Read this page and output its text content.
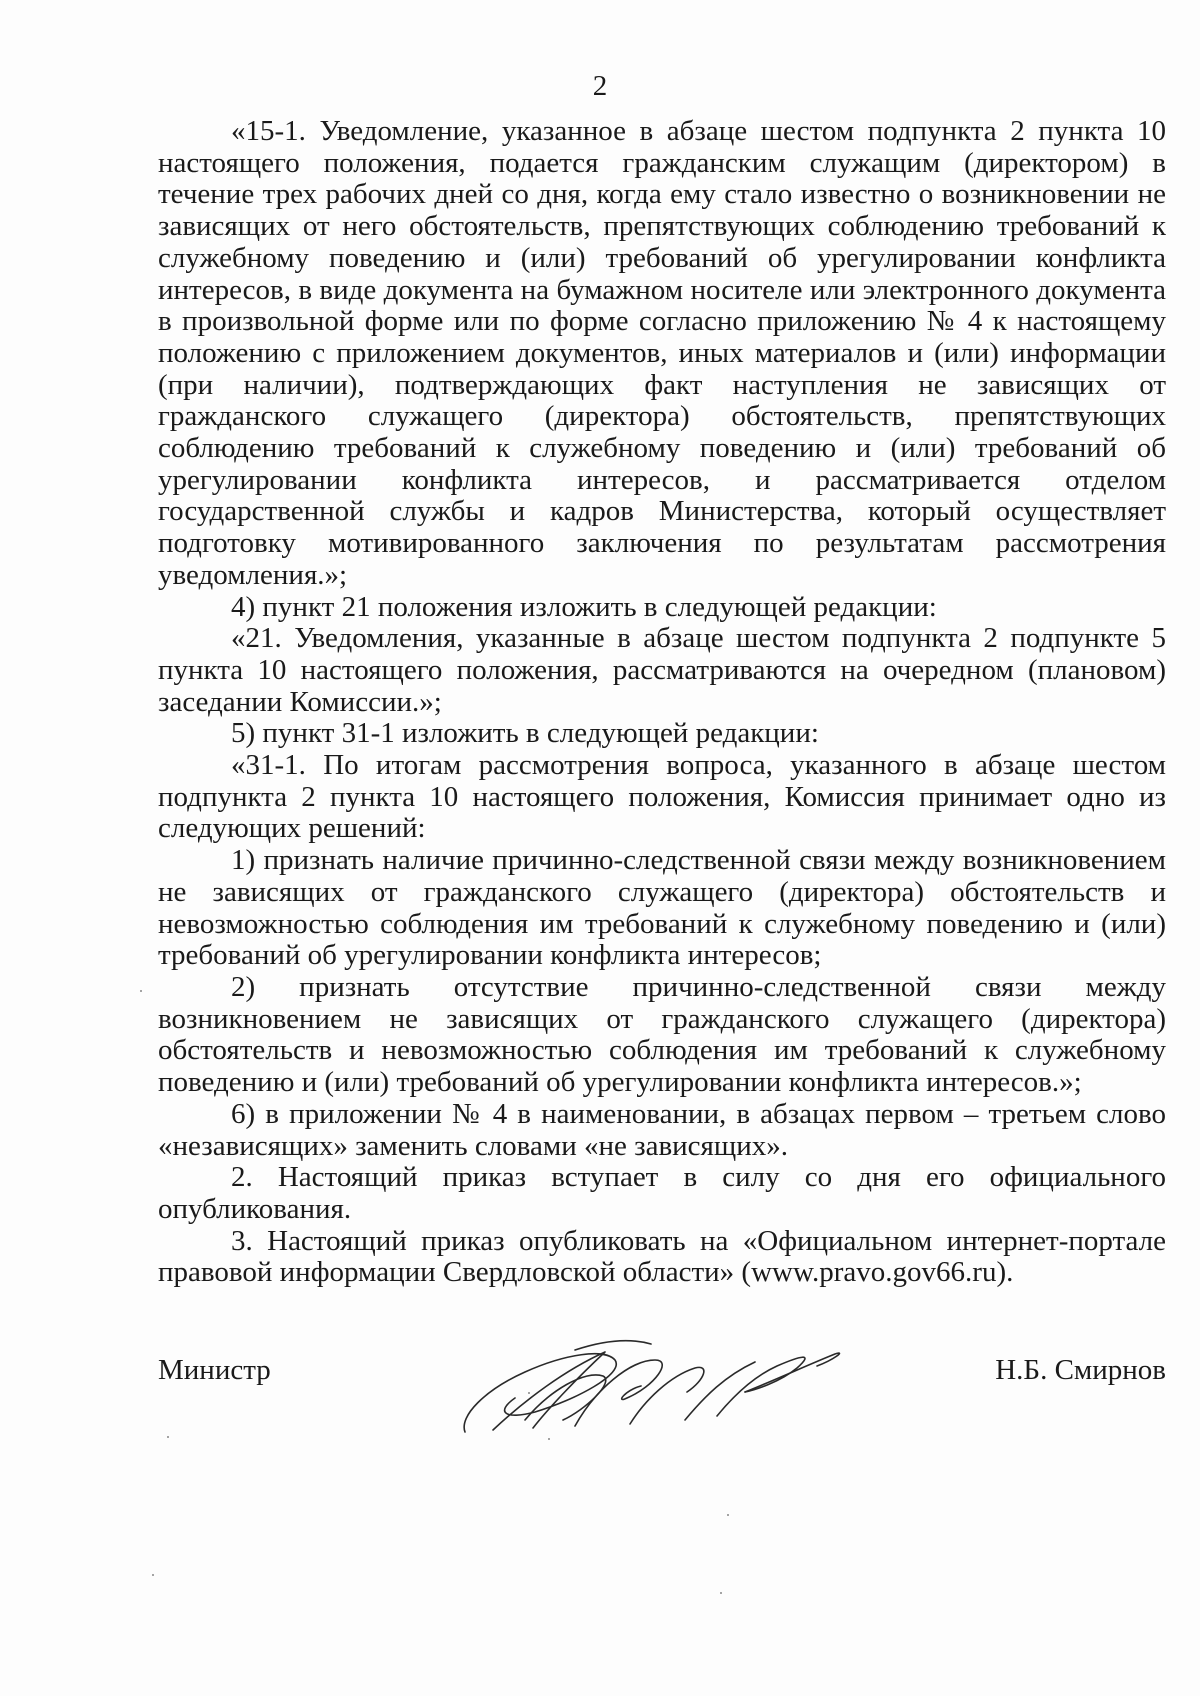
2

«15-1. Уведомление, указанное в абзаце шестом подпункта 2 пункта 10 настоящего положения, подается гражданским служащим (директором) в течение трех рабочих дней со дня, когда ему стало известно о возникновении не зависящих от него обстоятельств, препятствующих соблюдению требований к служебному поведению и (или) требований об урегулировании конфликта интересов, в виде документа на бумажном носителе или электронного документа в произвольной форме или по форме согласно приложению № 4 к настоящему положению с приложением документов, иных материалов и (или) информации (при наличии), подтверждающих факт наступления не зависящих от гражданского служащего (директора) обстоятельств, препятствующих соблюдению требований к служебному поведению и (или) требований об урегулировании конфликта интересов, и рассматривается отделом государственной службы и кадров Министерства, который осуществляет подготовку мотивированного заключения по результатам рассмотрения уведомления.»;

4) пункт 21 положения изложить в следующей редакции:

«21. Уведомления, указанные в абзаце шестом подпункта 2 подпункте 5 пункта 10 настоящего положения, рассматриваются на очередном (плановом) заседании Комиссии.»;

5) пункт 31-1 изложить в следующей редакции:

«31-1. По итогам рассмотрения вопроса, указанного в абзаце шестом подпункта 2 пункта 10 настоящего положения, Комиссия принимает одно из следующих решений:

1) признать наличие причинно-следственной связи между возникновением не зависящих от гражданского служащего (директора) обстоятельств и невозможностью соблюдения им требований к служебному поведению и (или) требований об урегулировании конфликта интересов;

2) признать отсутствие причинно-следственной связи между возникновением не зависящих от гражданского служащего (директора) обстоятельств и невозможностью соблюдения им требований к служебному поведению и (или) требований об урегулировании конфликта интересов.»;

6) в приложении № 4 в наименовании, в абзацах первом – третьем слово «независящих» заменить словами «не зависящих».

2. Настоящий приказ вступает в силу со дня его официального опубликования.

3. Настоящий приказ опубликовать на «Официальном интернет-портале правовой информации Свердловской области» (www.pravo.gov66.ru).

Министр	Н.Б. Смирнов
